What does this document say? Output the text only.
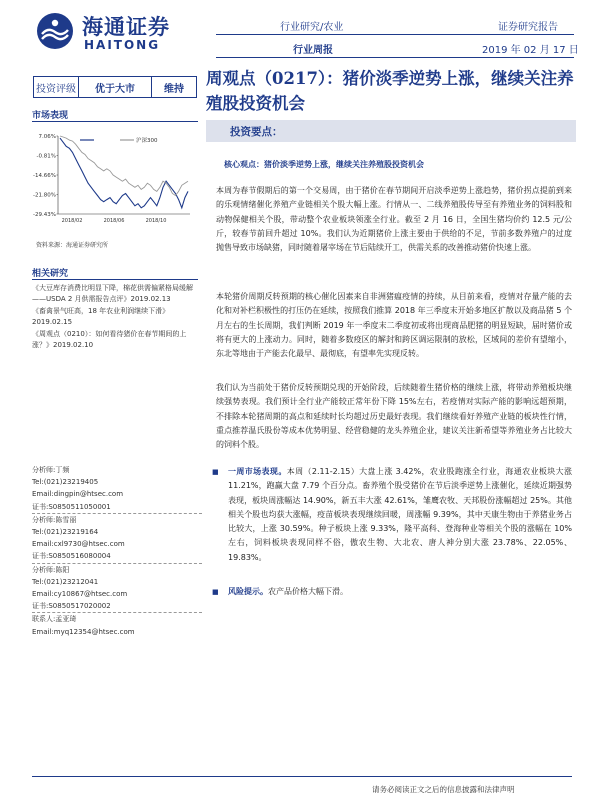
海通证券
HAITONG
行业研究/农业
行业周报
证券研究报告
2019 年 02 月 17 日
投资评级	优于大市	维持
周观点（0217）：猪价淡季逆势上涨，继续关注养殖股投资机会
市场表现
7.06%
-0.81%
-14.66%
-21.80%
-29.43%
2018/02	2018/06	2018/10
沪深300
资料来源：海通证券研究所
相关研究

《大豆库存消费比明显下降，棉花供需偏紧格局缓解——USDA 2 月供需报告点评》2019.02.13

《畜禽景气旺高，18 年农业利润继续下滑》2019.02.15

《周观点（0210）：如何看待猪价在春节期间的上涨？》2019.02.10

分析师:丁频

Tel:(021)23219405

Email:dingpin@htsec.com

证书:S0850511050001

分析师:陈雪丽

Tel:(021)23219164

Email:cxl9730@htsec.com

证书:S0850516080004

分析师:陈阳

Tel:(021)23212041

Email:cy10867@htsec.com

证书:S0850517020002

联系人:孟亚琦

Email:myq12354@htsec.com

投资要点：
核心观点：猪价淡季逆势上涨，继续关注养殖股投资机会

本周为春节假期后的第一个交易周，由于猪价在春节期间开启淡季逆势上涨趋势，猪价拐点提前到来的乐观情绪催化养殖产业链相关个股大幅上涨。行情从一、二线养殖股传导至有养殖业务的饲料股和动物保健相关个股，带动整个农业板块领涨全行业。截至 2 月 16 日，全国生猪均价约 12.5 元/公斤，较春节前回升超过 10%。我们认为近期猪价上涨主要由于供给的不足，节前多数养殖户的过度抛售导致市场缺猪，同时随着屠宰场在节后陆续开工，供需关系的改善推动猪价快速上涨。

本轮猪价周期反转预期的核心催化因素来自非洲猪瘟疫情的持续，从目前来看，疫情对存量产能的去化和对补栏积极性的打压仍在延续，按照我们推算 2018 年三季度末开始多地区扩散以及商品猪 5 个月左右的生长周期，我们判断 2019 年一季度末二季度初或将出现商品肥猪的明显短缺，届时猪价或将有更大的上涨动力。同时，随着多数疫区的解封和跨区调运限制的放松，区域间的差价有望缩小，东北等地由于产能去化最早、最彻底，有望率先实现反转。

我们认为当前处于猪价反转预期兑现的开始阶段，后续随着生猪价格的继续上涨，将带动养殖板块继续强势表现。我们预计全行业产能较正常年份下降 15%左右，若疫情对实际产能的影响远超预期，不排除本轮猪周期的高点和延续时长均超过历史最好表现。我们继续看好养殖产业链的板块性行情，重点推荐温氏股份等成本优势明显、经营稳健的龙头养殖企业，建议关注新希望等养殖业务占比较大的饲料个股。

■ 一周市场表现。本周（2.11-2.15）大盘上涨 3.42%，农业股跑涨全行业，海通农业板块大涨 11.21%，跑赢大盘 7.79 个百分点。畜养殖个股受猪价在节后淡季逆势上涨催化，延续近期强势表现，板块周涨幅达 14.90%，新五丰大涨 42.61%，雏鹰农牧、天邦股份涨幅超过 25%。其他相关个股也均获大涨幅，疫苗板块表现继续回暖，周涨幅 9.39%，其中天康生物由于养猪业务占比较大，上涨 30.59%。种子板块上涨 9.33%，隆平高科、登海种业等相关个股的涨幅在 10%左右，饲料板块表现同样不俗，傲农生物、大北农、唐人神分别大涨 23.78%、22.05%、19.83%。

■ 风险提示。农产品价格大幅下滑。

请务必阅读正文之后的信息披露和法律声明
